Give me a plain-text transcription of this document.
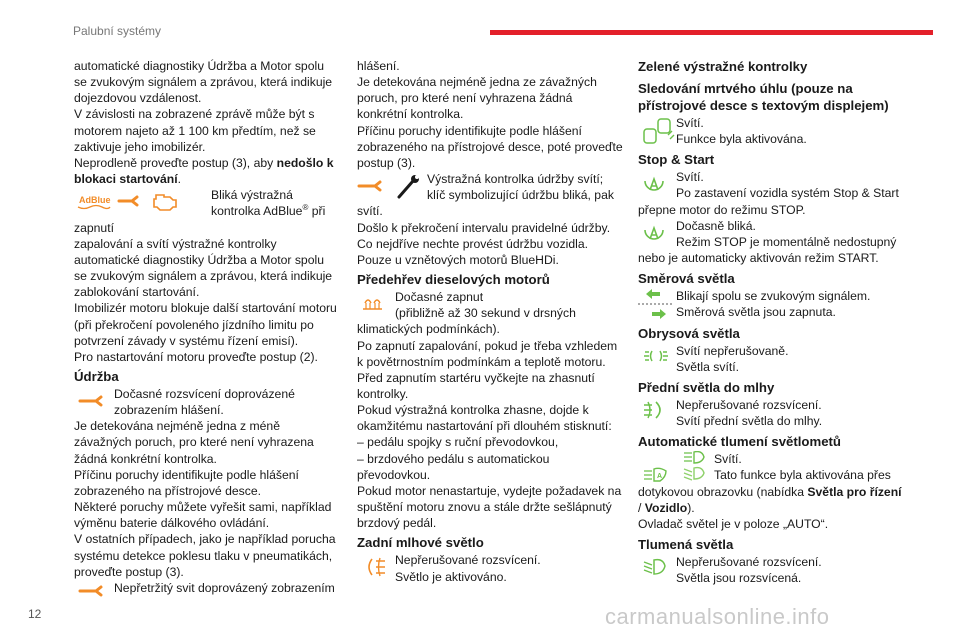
Palubní systémy

automatické diagnostiky Údržba a Motor spolu se zvukovým signálem a zprávou, která indikuje dojezdovou vzdálenost.

V závislosti na zobrazené zprávě může být s motorem najeto až 1 100 km předtím, než se zaktivuje jeho imobilizér.

Neprodleně proveďte postup (3), aby nedošlo k blokaci startování.

AdBlue	Bliká výstražná kontrolka AdBlue® při zapnutí

zapalování a svítí výstražné kontrolky automatické diagnostiky Údržba a Motor spolu se zvukovým signálem a zprávou, která indikuje zablokování startování.

Imobilizér motoru blokuje další startování motoru (při překročení povoleného jízdního limitu po potvrzení závady v systému řízení emisí).

Pro nastartování motoru proveďte postup (2).

Údržba

Dočasné rozsvícení doprovázené zobrazením hlášení.

Je detekována nejméně jedna z méně závažných poruch, pro které není vyhrazena žádná konkrétní kontrolka.

Příčinu poruchy identifikujte podle hlášení zobrazeného na přístrojové desce.

Některé poruchy můžete vyřešit sami, například výměnu baterie dálkového ovládání.

V ostatních případech, jako je například porucha systému detekce poklesu tlaku v pneumatikách, proveďte postup (3).

Nepřetržitý svit doprovázený zobrazením

hlášení.

Je detekována nejméně jedna ze závažných poruch, pro které není vyhrazena žádná konkrétní kontrolka.

Příčinu poruchy identifikujte podle hlášení zobrazeného na přístrojové desce, poté proveďte postup (3).

Výstražná kontrolka údržby svítí; klíč symbolizující údržbu bliká, pak

svítí.

Došlo k překročení intervalu pravidelné údržby.

Co nejdříve nechte provést údržbu vozidla.

Pouze u vznětových motorů BlueHDi.

Předehřev dieselových motorů

Dočasné zapnut

(přibližně až 30 sekund v drsných

klimatických podmínkách).

Po zapnutí zapalování, pokud je třeba vzhledem k povětrnostním podmínkám a teplotě motoru. Před zapnutím startéru vyčkejte na zhasnutí kontrolky.

Pokud výstražná kontrolka zhasne, dojde k okamžitému nastartování při dlouhém stisknutí:

– pedálu spojky s ruční převodovkou,

– brzdového pedálu s automatickou převodovkou.

Pokud motor nenastartuje, vydejte požadavek na spuštění motoru znovu a stále držte sešlápnutý brzdový pedál.

Zadní mlhové světlo

Nepřerušované rozsvícení.

Světlo je aktivováno.

Zelené výstražné kontrolky
Sledování mrtvého úhlu (pouze na přístrojové desce s textovým displejem)

Svítí.

Funkce byla aktivována.

Stop & Start

Svítí.

Po zastavení vozidla systém Stop & Start

přepne motor do režimu STOP.

Dočasně bliká.

Režim STOP je momentálně nedostupný

nebo je automaticky aktivován režim START.

Směrová světla

Blikají spolu se zvukovým signálem.

Směrová světla jsou zapnuta.

Obrysová světla

Svítí nepřerušovaně.

Světla svítí.

Přední světla do mlhy

Nepřerušované rozsvícení.

Svítí přední světla do mlhy.

Automatické tlumení světlometů
A

Svítí.

Tato funkce byla aktivována přes

dotykovou obrazovku (nabídka Světla pro řízení / Vozidlo).

Ovladač světel je v poloze „AUTO“.

Tlumená světla

Nepřerušované rozsvícení.

Světla jsou rozsvícená.

12	carmanualsonline.info
